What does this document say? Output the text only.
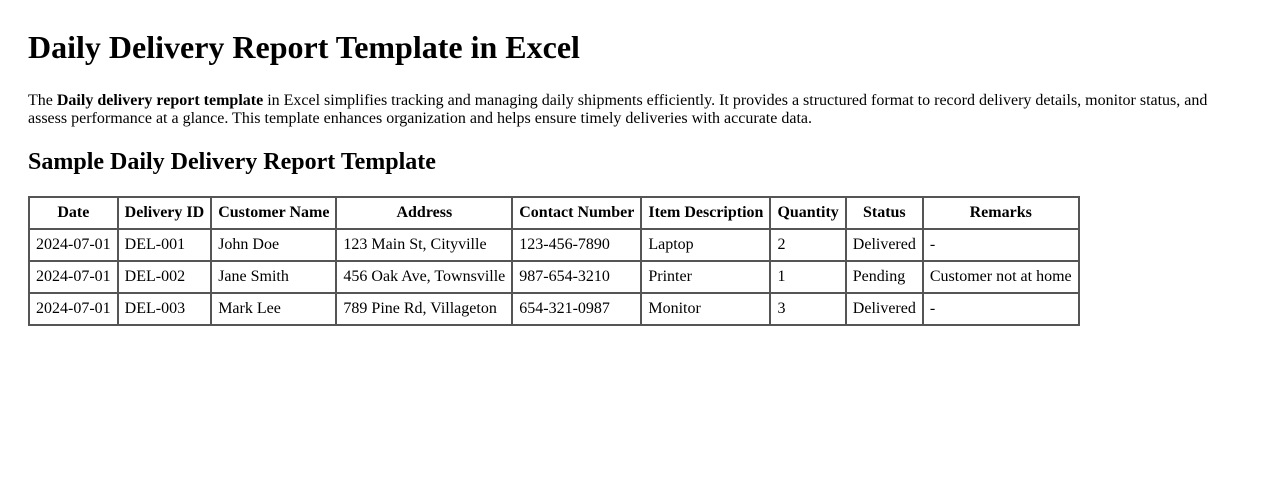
Daily Delivery Report Template in Excel

The Daily delivery report template in Excel simplifies tracking and managing daily shipments efficiently. It provides a structured format to record delivery details, monitor status, and assess performance at a glance. This template enhances organization and helps ensure timely deliveries with accurate data.

Sample Daily Delivery Report Template
Date	Delivery ID	Customer Name	Address	Contact Number	Item Description	Quantity	Status	Remarks
2024-07-01	DEL-001	John Doe	123 Main St, Cityville	123-456-7890	Laptop	2	Delivered	-
2024-07-01	DEL-002	Jane Smith	456 Oak Ave, Townsville	987-654-3210	Printer	1	Pending	Customer not at home
2024-07-01	DEL-003	Mark Lee	789 Pine Rd, Villageton	654-321-0987	Monitor	3	Delivered	-
